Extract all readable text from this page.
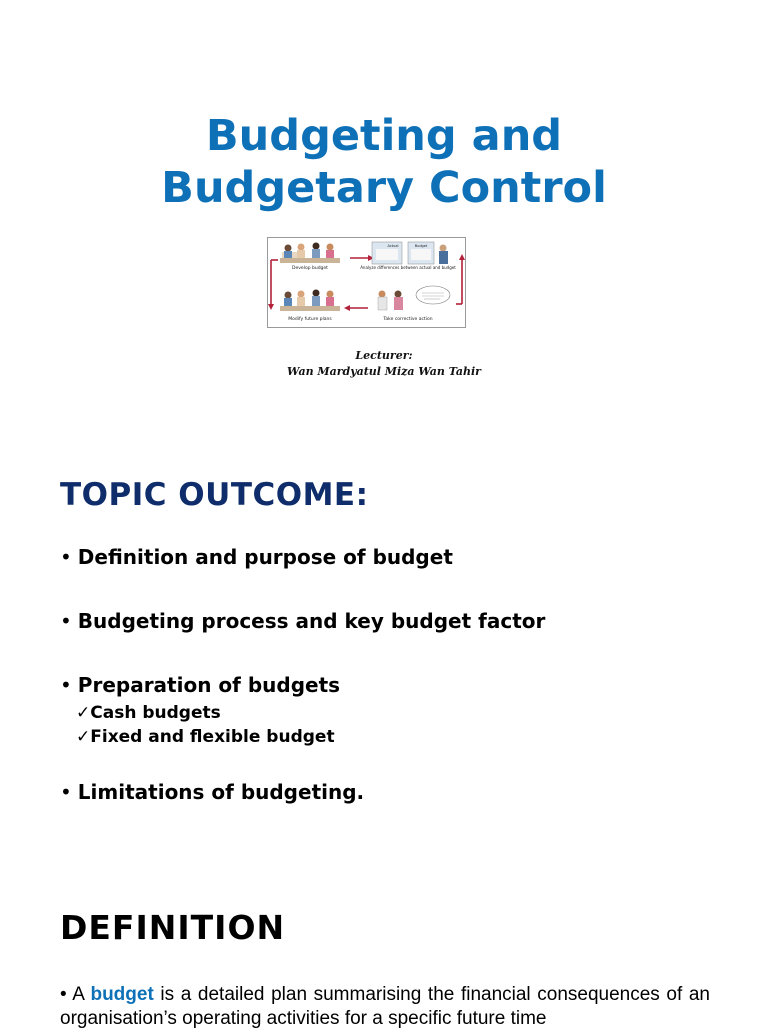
Budgeting and
Budgetary Control
Actual	Budget
Develop budget	Analyze differences between actual and budget
Take corrective action
Modify future plans
Lecturer:
Wan Mardyatul Miza Wan Tahir
TOPIC OUTCOME:
• Definition and purpose of budget
• Budgeting process and key budget factor
• Preparation of budgets
✓Cash budgets
✓Fixed and flexible budget
• Limitations of budgeting.
DEFINITION
• A budget is a detailed plan summarising the financial consequences of an organisation’s operating activities for a specific future time
